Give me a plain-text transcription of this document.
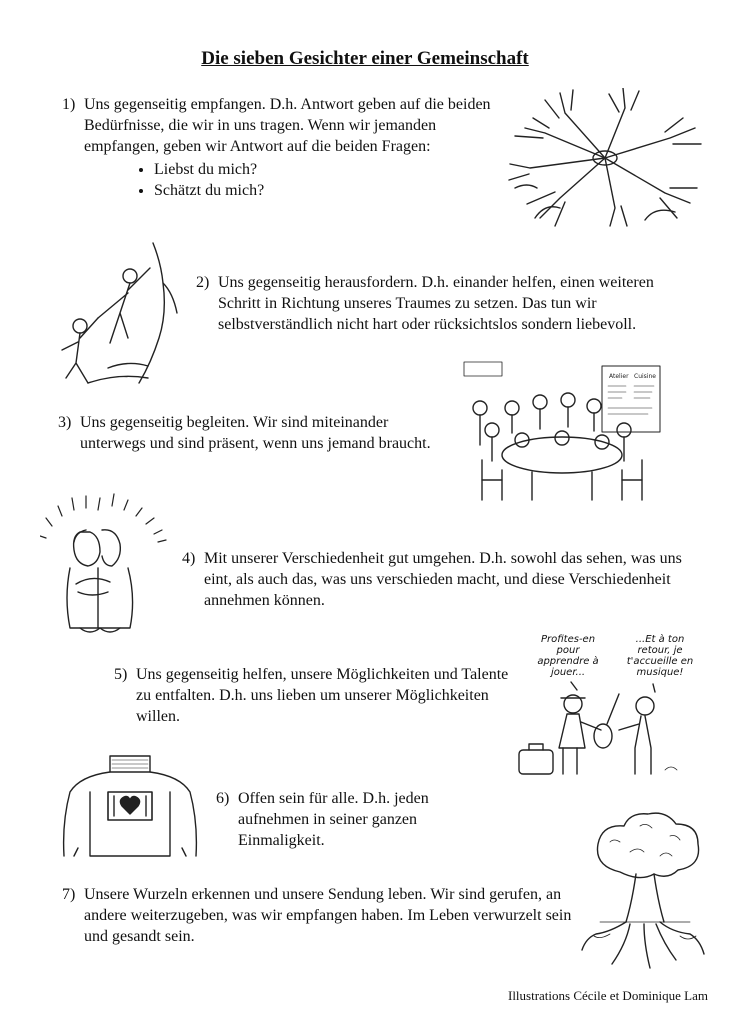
Die sieben Gesichter einer Gemeinschaft
1) Uns gegenseitig empfangen. D.h. Antwort geben auf die beiden Bedürfnisse, die wir in uns tragen. Wenn wir jemanden empfangen, geben wir Antwort auf die beiden Fragen:
• Liebst du mich?
• Schätzt du mich?
2) Uns gegenseitig herausfordern. D.h. einander helfen, einen weiteren Schritt in Richtung unseres Traumes zu setzen. Das tun wir selbstverständlich nicht hart oder rücksichtslos sondern liebevoll.
3) Uns gegenseitig begleiten. Wir sind miteinander unterwegs und sind präsent, wenn uns jemand braucht.
Atelier Cuisine
4) Mit unserer Verschiedenheit gut umgehen. D.h. sowohl das sehen, was uns eint, als auch das, was uns verschieden macht, und diese Verschiedenheit annehmen können.
5) Uns gegenseitig helfen, unsere Möglichkeiten und Talente zu entfalten. D.h. uns lieben um unserer Möglichkeiten willen.
Profites-en pour apprendre à jouer...
...Et à ton retour, je t'accueille en musique!
6) Offen sein für alle. D.h. jeden aufnehmen in seiner ganzen Einmaligkeit.
7) Unsere Wurzeln erkennen und unsere Sendung leben. Wir sind gerufen, an andere weiterzugeben, was wir empfangen haben. Im Leben verwurzelt sein und gesandt sein.
Illustrations Cécile et Dominique Lam
